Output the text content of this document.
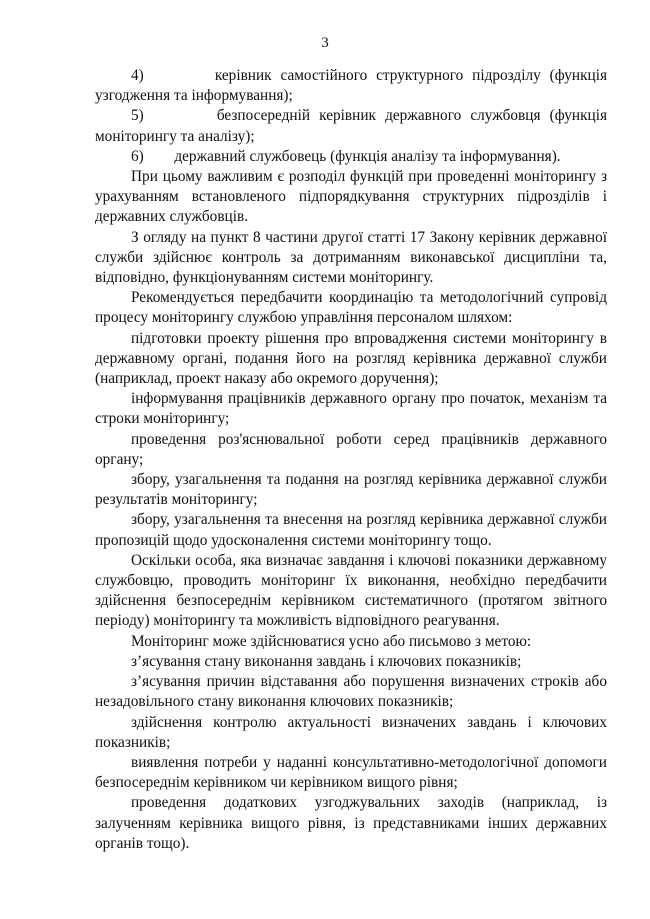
3

4)        керівник самостійного структурного підрозділу (функція узгодження та інформування);

5)        безпосередній керівник державного службовця (функція моніторингу та аналізу);

6)        державний службовець (функція аналізу та інформування).

При цьому важливим є розподіл функцій при проведенні моніторингу з урахуванням встановленого підпорядкування структурних підрозділів і державних службовців.

З огляду на пункт 8 частини другої статті 17 Закону керівник державної служби здійснює контроль за дотриманням виконавської дисципліни та, відповідно, функціонуванням системи моніторингу.

Рекомендується передбачити координацію та методологічний супровід процесу моніторингу службою управління персоналом шляхом:

підготовки проекту рішення про впровадження системи моніторингу в державному органі, подання його на розгляд керівника державної служби (наприклад, проект наказу або окремого доручення);

інформування працівників державного органу про початок, механізм та строки моніторингу;

проведення роз'яснювальної роботи серед працівників державного органу;

збору, узагальнення та подання на розгляд керівника державної служби результатів моніторингу;

збору, узагальнення та внесення на розгляд керівника державної служби пропозицій щодо удосконалення системи моніторингу тощо.

Оскільки особа, яка визначає завдання і ключові показники державному службовцю, проводить моніторинг їх виконання, необхідно передбачити здійснення безпосереднім керівником систематичного (протягом звітного періоду) моніторингу та можливість відповідного реагування.

Моніторинг може здійснюватися усно або письмово з метою:

з’ясування стану виконання завдань і ключових показників;

з’ясування причин відставання або порушення визначених строків або незадовільного стану виконання ключових показників;

здійснення контролю актуальності визначених завдань і ключових показників;

виявлення потреби у наданні консультативно-методологічної допомоги безпосереднім керівником чи керівником вищого рівня;

проведення додаткових узгоджувальних заходів (наприклад, із залученням керівника вищого рівня, із представниками інших державних органів тощо).
